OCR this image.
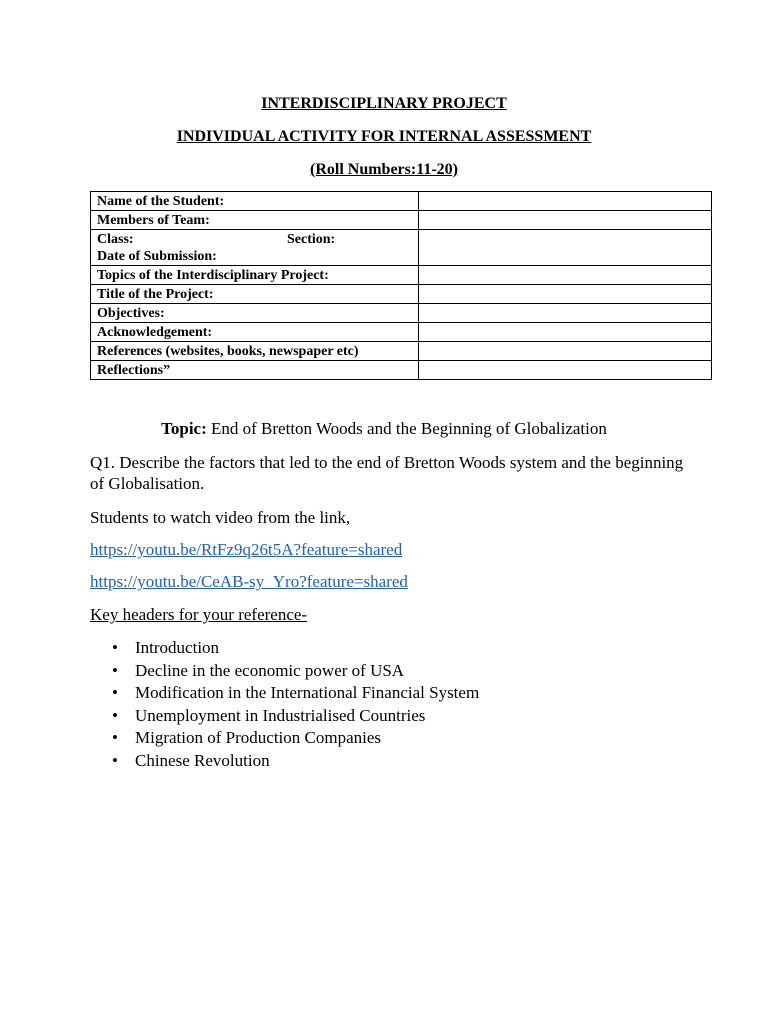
INTERDISCIPLINARY PROJECT
INDIVIDUAL ACTIVITY FOR INTERNAL ASSESSMENT
(Roll Numbers:11-20)
Name of the Student:	
Members of Team:	

Class: Section:
Date of Submission:	

Topics of the Interdisciplinary Project:	
Title of the Project:	
Objectives:	
Acknowledgement:	
References (websites, books, newspaper etc)	
Reflections”	
Topic: End of Bretton Woods and the Beginning of Globalization
Q1. Describe the factors that led to the end of Bretton Woods system and the beginning of Globalisation.
Students to watch video from the link,
https://youtu.be/RtFz9q26t5A?feature=shared
https://youtu.be/CeAB-sy_Yro?feature=shared
Key headers for your reference-
• Introduction
• Decline in the economic power of USA
• Modification in the International Financial System
• Unemployment in Industrialised Countries
• Migration of Production Companies
• Chinese Revolution
